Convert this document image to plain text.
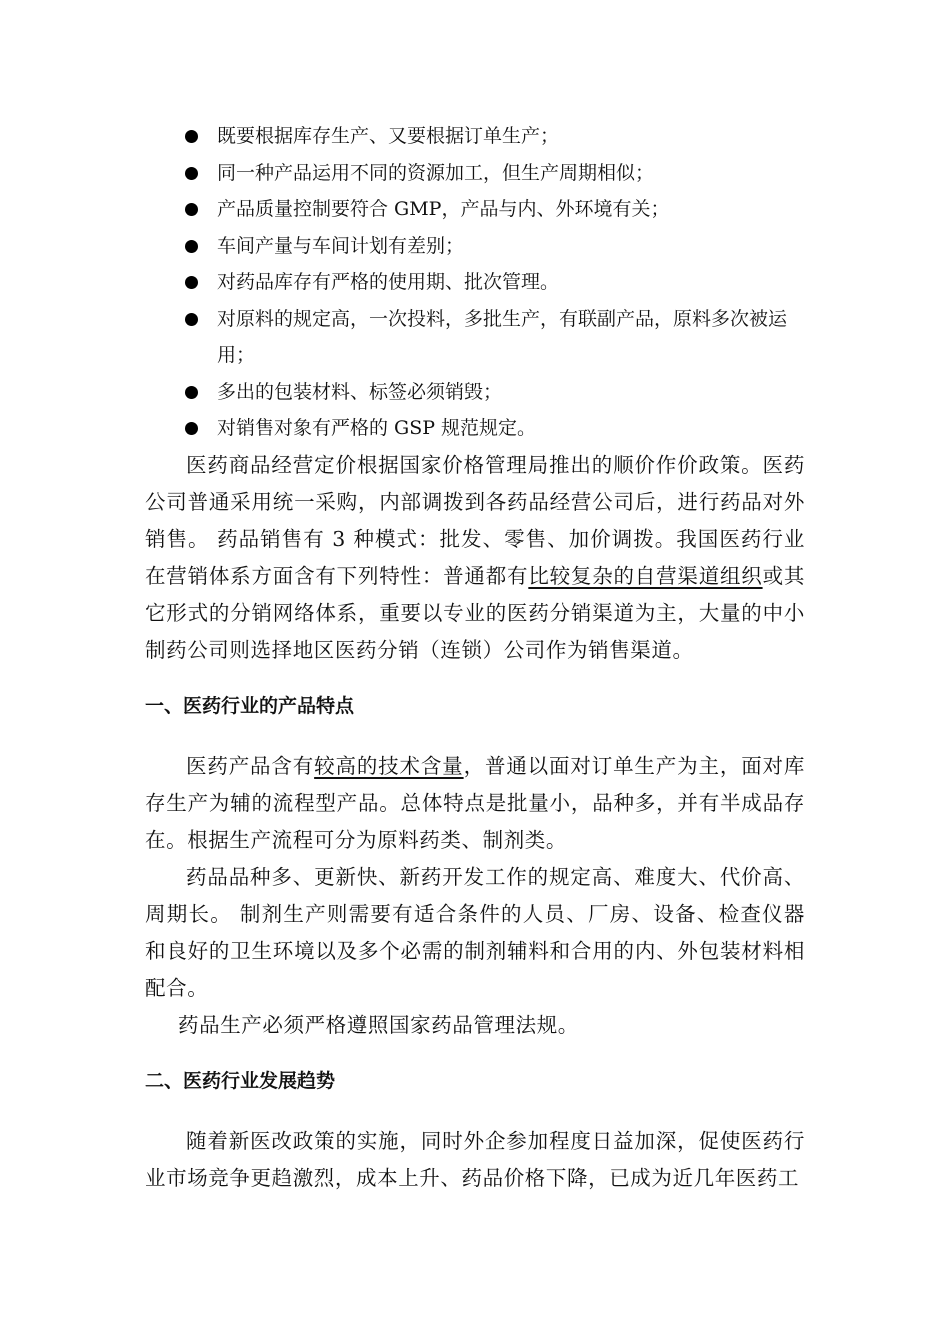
既要根据库存生产、又要根据订单生产；
同一种产品运用不同的资源加工，但生产周期相似；
产品质量控制要符合 GMP，产品与内、外环境有关；
车间产量与车间计划有差别；
对药品库存有严格的使用期、批次管理。
对原料的规定高，一次投料，多批生产，有联副产品，原料多次被运用；
多出的包装材料、标签必须销毁；
对销售对象有严格的 GSP 规范规定。

医药商品经营定价根据国家价格管理局推出的顺价作价政策。医药公司普通采用统一采购，内部调拨到各药品经营公司后，进行药品对外销售。 药品销售有 3 种模式：批发、零售、加价调拨。我国医药行业在营销体系方面含有下列特性：普通都有比较复杂的自营渠道组织或其它形式的分销网络体系，重要以专业的医药分销渠道为主，大量的中小制药公司则选择地区医药分销（连锁）公司作为销售渠道。

一、医药行业的产品特点

医药产品含有较高的技术含量，普通以面对订单生产为主，面对库存生产为辅的流程型产品。总体特点是批量小，品种多，并有半成品存在。根据生产流程可分为原料药类、制剂类。

药品品种多、更新快、新药开发工作的规定高、难度大、代价高、周期长。 制剂生产则需要有适合条件的人员、厂房、设备、检查仪器和良好的卫生环境以及多个必需的制剂辅料和合用的内、外包装材料相配合。

药品生产必须严格遵照国家药品管理法规。

二、医药行业发展趋势

随着新医改政策的实施，同时外企参加程度日益加深，促使医药行业市场竞争更趋激烈，成本上升、药品价格下降，已成为近几年医药工
